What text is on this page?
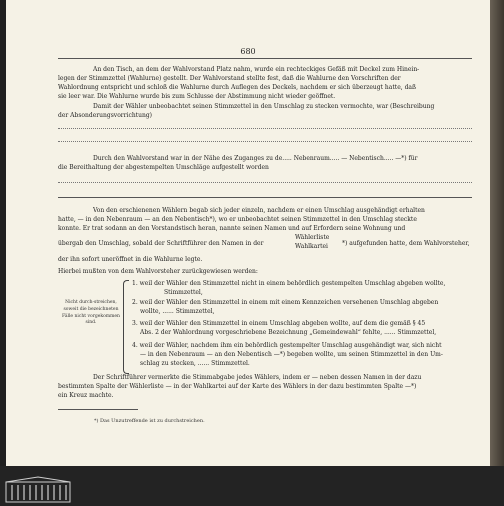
680
An den Tisch, an dem der Wahlvorstand Platz nahm, wurde ein rechteckiges Gefäß mit Deckel zum Hinein-
legen der Stimmzettel (Wahlurne) gestellt. Der Wahlvorstand stellte fest, daß die Wahlurne den Vorschriften der
Wahlordnung entspricht und schloß die Wahlurne durch Auflegen des Deckels, nachdem er sich überzeugt hatte, daß
sie leer war. Die Wahlurne wurde bis zum Schlusse der Abstimmung nicht wieder geöffnet.
Damit der Wähler unbeobachtet seinen Stimmzettel in den Umschlag zu stecken vermochte, war (Beschreibung
der Absonderungsvorrichtung)
Durch den Wahlvorstand war in der Nähe des Zuganges zu de..... Nebenraum..... — Nebentisch..... —*) für
die Bereithaltung der abgestempelten Umschläge aufgestellt worden
Von den erschienenen Wählern begab sich jeder einzeln, nachdem er einen Umschlag ausgehändigt erhalten
hatte, — in den Nebenraum — an den Nebentisch*), wo er unbeobachtet seinen Stimmzettel in den Umschlag steckte
konnte. Er trat sodann an den Vorstandstisch heran, nannte seinen Namen und auf Erfordern seine Wohnung und
übergab den Umschlag, sobald der Schriftführer den Namen in der
Wählerliste
Wahlkartei	*) aufgefunden hatte, dem Wahlvorsteher,
der ihn sofort uneröffnet in die Wahlurne legte.
Hierbei mußten von dem Wahlvorsteher zurückgewiesen werden:
Nicht durch-streichen, soweit die bezeichneten Fälle nicht vorgekommen sind.
1. weil der Wähler den Stimmzettel nicht in einem behördlich gestempelten Umschlag abgeben wollte,
Stimmzettel,
2. weil der Wähler den Stimmzettel in einem mit einem Kennzeichen versehenen Umschlag abgeben
wollte, ...... Stimmzettel,
3. weil der Wähler den Stimmzettel in einem Umschlag abgeben wollte, auf dem die gemäß § 45
Abs. 2 der Wahlordnung vorgeschriebene Bezeichnung „Gemeindewahl“ fehlte, ...... Stimmzettel,
4. weil der Wähler, nachdem ihm ein behördlich gestempelter Umschlag ausgehändigt war, sich nicht
— in den Nebenraum — an den Nebentisch —*) begeben wollte, um seinen Stimmzettel in den Um-
schlag zu stecken, ...... Stimmzettel.
Der Schriftführer vermerkte die Stimmabgabe jedes Wählers, indem er — neben dessen Namen in der dazu
bestimmten Spalte der Wählerliste — in der Wahlkartei auf der Karte des Wählers in der dazu bestimmten Spalte —*)
ein Kreuz machte.
*) Das Unzutreffende ist zu durchstreichen.
